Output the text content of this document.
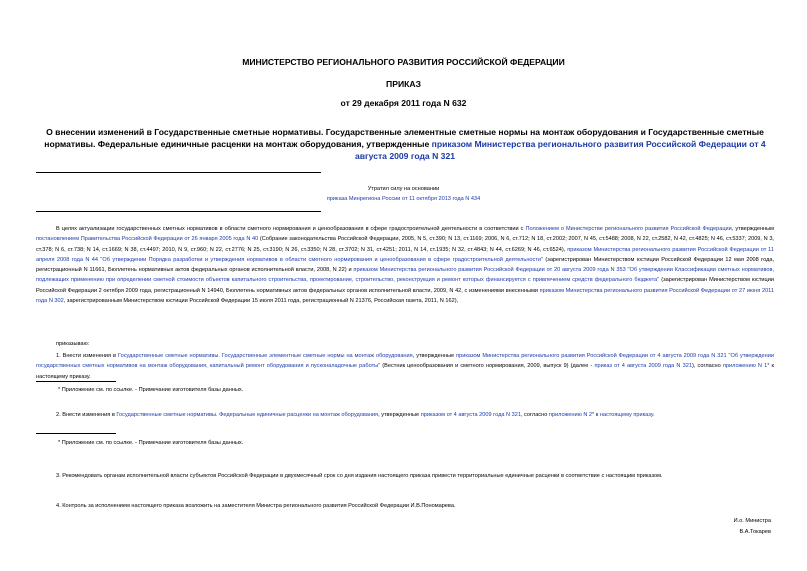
МИНИСТЕРСТВО РЕГИОНАЛЬНОГО РАЗВИТИЯ РОССИЙСКОЙ ФЕДЕРАЦИИ
ПРИКАЗ
от 29 декабря 2011 года N 632
О внесении изменений в Государственные сметные нормативы. Государственные элементные сметные нормы на монтаж оборудования и Государственные сметные нормативы. Федеральные единичные расценки на монтаж оборудования, утвержденные приказом Министерства регионального развития Российской Федерации от 4 августа 2009 года N 321
Утратил силу на основании
приказа Минрегиона России от 11 октября 2013 года N 434
В целях актуализации государственных сметных нормативов в области сметного нормирования и ценообразования в сфере градостроительной деятельности в соответствии с Положением о Министерстве регионального развития Российской Федерации, утвержденным постановлением Правительства Российской Федерации от 26 января 2005 года N 40 (Собрание законодательства Российской Федерации, 2005, N 5, ст.390; N 13, ст.1169; 2006, N 6, ст.712; N 18, ст.2002; 2007, N 45, ст.5488; 2008, N 22, ст.2582, N 42, ст.4825; N 46, ст.5337; 2009, N 3, ст.378; N 6, ст.738; N 14, ст.1669; N 38, ст.4497; 2010, N 9, ст.960; N 22, ст.2776; N 25, ст.3190; N 26, ст.3350; N 28, ст.3702; N 31, ст.4251; 2011, N 14, ст.1935; N 32, ст.4843; N 44, ст.6269; N 46, ст.6524), приказом Министерства регионального развития Российской Федерации от 11 апреля 2008 года N 44 "Об утверждении Порядка разработки и утверждения нормативов в области сметного нормирования и ценообразования в сфере градостроительной деятельности" (зарегистрирован Министерством юстиции Российской Федерации 12 мая 2008 года, регистрационный N 11661, Бюллетень нормативных актов федеральных органов исполнительной власти, 2008, N 22) и приказом Министерства регионального развития Российской Федерации от 20 августа 2009 года N 353 "Об утверждении Классификации сметных нормативов, подлежащих применению при определении сметной стоимости объектов капитального строительства, проектирование, строительство, реконструкция и ремонт которых финансируется с привлечением средств федерального бюджета" (зарегистрирован Министерством юстиции Российской Федерации 2 октября 2009 года, регистрационный N 14940, Бюллетень нормативных актов федеральных органов исполнительной власти, 2009, N 42, с изменениями внесенными приказом Министерства регионального развития Российской Федерации от 27 июня 2011 года N 302, зарегистрированным Министерством юстиции Российской Федерации 15 июля 2011 года, регистрационный N 21376, Российская газета, 2011, N 162),
приказываю:
1. Внести изменения в Государственные сметные нормативы. Государственные элементные сметные нормы на монтаж оборудования, утвержденные приказом Министерства регионального развития Российской Федерации от 4 августа 2009 года N 321 "Об утверждении государственных сметных нормативов на монтаж оборудования, капитальный ремонт оборудования и пусконаладочные работы" (Вестник ценообразования и сметного нормирования, 2009, выпуск 9) (далее - приказ от 4 августа 2009 года N 321), согласно приложению N 1* к настоящему приказу.
* Приложение см. по ссылке. - Примечание изготовителя базы данных.
2. Внести изменения в Государственные сметные нормативы. Федеральные единичные расценки на монтаж оборудования, утвержденные приказом от 4 августа 2009 года N 321, согласно приложению N 2* к настоящему приказу.
* Приложение см. по ссылке. - Примечание изготовителя базы данных.
3. Рекомендовать органам исполнительной власти субъектов Российской Федерации в двухмесячный срок со дня издания настоящего приказа привести территориальные единичные расценки в соответствие с настоящим приказом.
4. Контроль за исполнением настоящего приказа возложить на заместителя Министра регионального развития Российской Федерации И.В.Пономарева.
И.о. Министра
В.А.Токарев
